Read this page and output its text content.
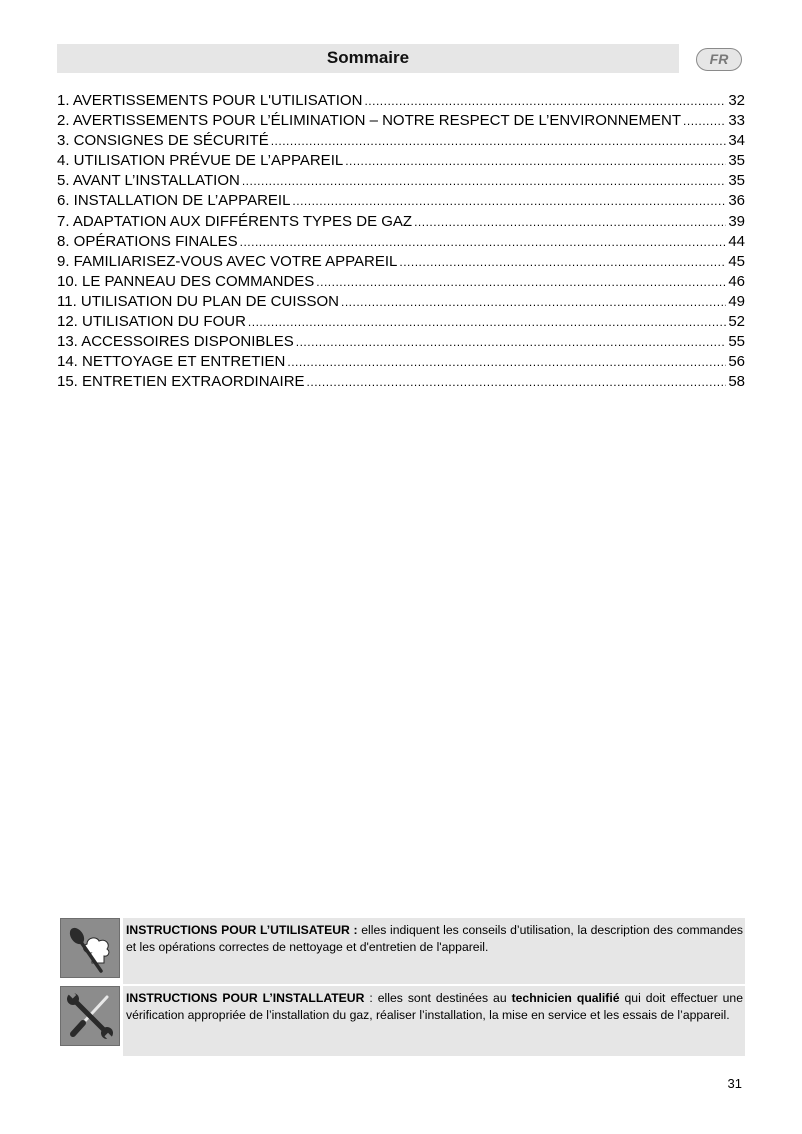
Sommaire	FR
1. AVERTISSEMENTS POUR L'UTILISATION .....	32
2. AVERTISSEMENTS POUR L’ÉLIMINATION – NOTRE RESPECT DE L’ENVIRONNEMENT .....	33
3. CONSIGNES DE SÉCURITÉ .....	34
4. UTILISATION PRÉVUE DE L’APPAREIL .....	35
5. AVANT L’INSTALLATION .....	35
6. INSTALLATION DE L’APPAREIL .....	36
7. ADAPTATION AUX DIFFÉRENTS TYPES DE GAZ .....	39
8. OPÉRATIONS FINALES .....	44
9. FAMILIARISEZ-VOUS AVEC VOTRE APPAREIL .....	45
10. LE PANNEAU DES COMMANDES .....	46
11. UTILISATION DU PLAN DE CUISSON .....	49
12. UTILISATION DU FOUR .....	52
13. ACCESSOIRES DISPONIBLES .....	55
14. NETTOYAGE ET ENTRETIEN .....	56
15. ENTRETIEN EXTRAORDINAIRE .....	58
INSTRUCTIONS POUR L’UTILISATEUR : elles indiquent les conseils d’utilisation, la description des commandes et les opérations correctes de nettoyage et d'entretien de l'appareil.
INSTRUCTIONS POUR L’INSTALLATEUR : elles sont destinées au technicien qualifié qui doit effectuer une vérification appropriée de l’installation du gaz, réaliser l’installation, la mise en service et les essais de l’appareil.
31
